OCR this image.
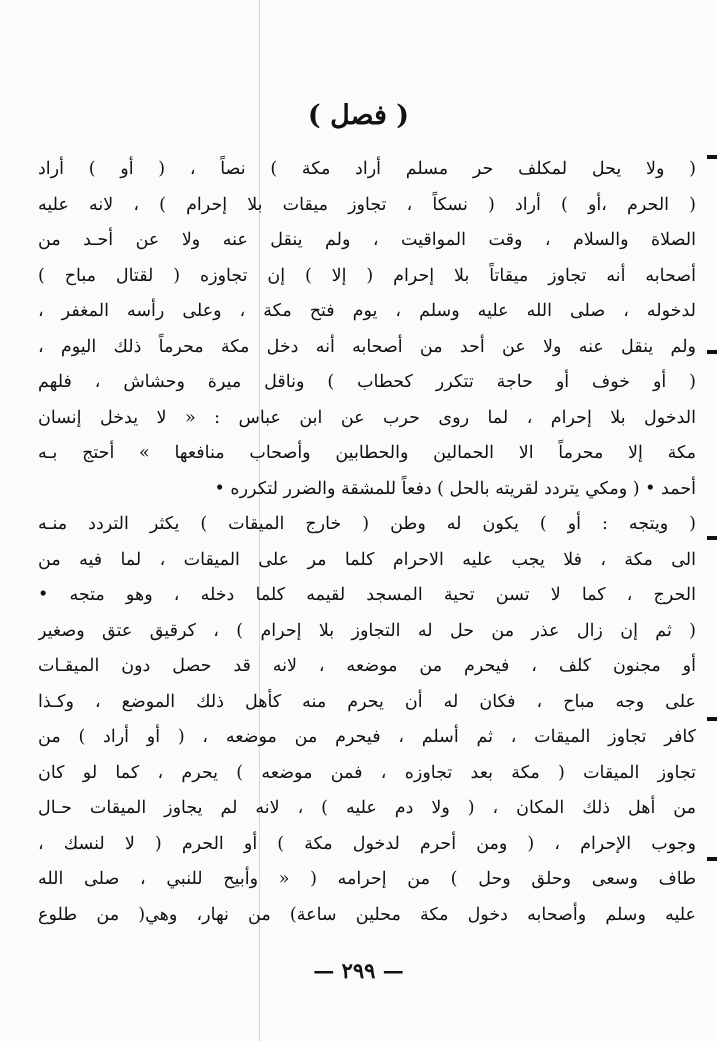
( فصل )
( ولا يحل لمكلف حر مسلم أراد مكة ) نصاً ، ( أو ) أراد
( الحرم ،أو ) أراد ( نسكاً ، تجاوز ميقات بلا إحرام ) ، لانه عليه
الصلاة والسلام ، وقت المواقيت ، ولم ينقل عنه ولا عن أحـد من
أصحابه أنه تجاوز ميقاتاً بلا إحرام ( إلا ) إن تجاوزه ( لقتال مباح )
لدخوله ، صلى الله عليه وسلم ، يوم فتح مكة ، وعلى رأسه المغفر ،
ولم ينقل عنه ولا عن أحد من أصحابه أنه دخل مكة محرماً ذلك اليوم ،
( أو خوف أو حاجة تتكرر كحطاب ) وناقل ميرة وحشاش ، فلهم
الدخول بلا إحرام ، لما روى حرب عن ابن عباس : « لا يدخل إنسان
مكة إلا محرماً الا الحمالين والحطابين وأصحاب منافعها » أحتج بـه
أحمد • ( ومكي يتردد لقريته بالحل ) دفعاً للمشقة والضرر لتكرره •
( ويتجه : أو ) يكون له وطن ( خارج الميقات ) يكثر التردد منـه
الى مكة ، فلا يجب عليه الاحرام كلما مر على الميقات ، لما فيه من
الحرج ، كما لا تسن تحية المسجد لقيمه كلما دخله ، وهو متجه •
( ثم إن زال عذر من حل له التجاوز بلا إحرام ) ، كرقيق عتق وصغير
أو مجنون كلف ، فيحرم من موضعه ، لانه قد حصل دون الميقـات
على وجه مباح ، فكان له أن يحرم منه كأهل ذلك الموضع ، وكـذا
كافر تجاوز الميقات ، ثم أسلم ، فيحرم من موضعه ، ( أو أراد ) من
تجاوز الميقات ( مكة بعد تجاوزه ، فمن موضعه ) يحرم ، كما لو كان
من أهل ذلك المكان ، ( ولا دم عليه ) ، لانه لم يجاوز الميقات حـال
وجوب الإحرام ، ( ومن أحرم لدخول مكة ) أو الحرم ( لا لنسك ،
طاف وسعى وحلق وحل ) من إحرامه ( « وأبيح للنبي ، صلى الله
عليه وسلم وأصحابه دخول مكة محلين ساعة) من نهار، وهي( من طلوع
— ٢٩٩ —
